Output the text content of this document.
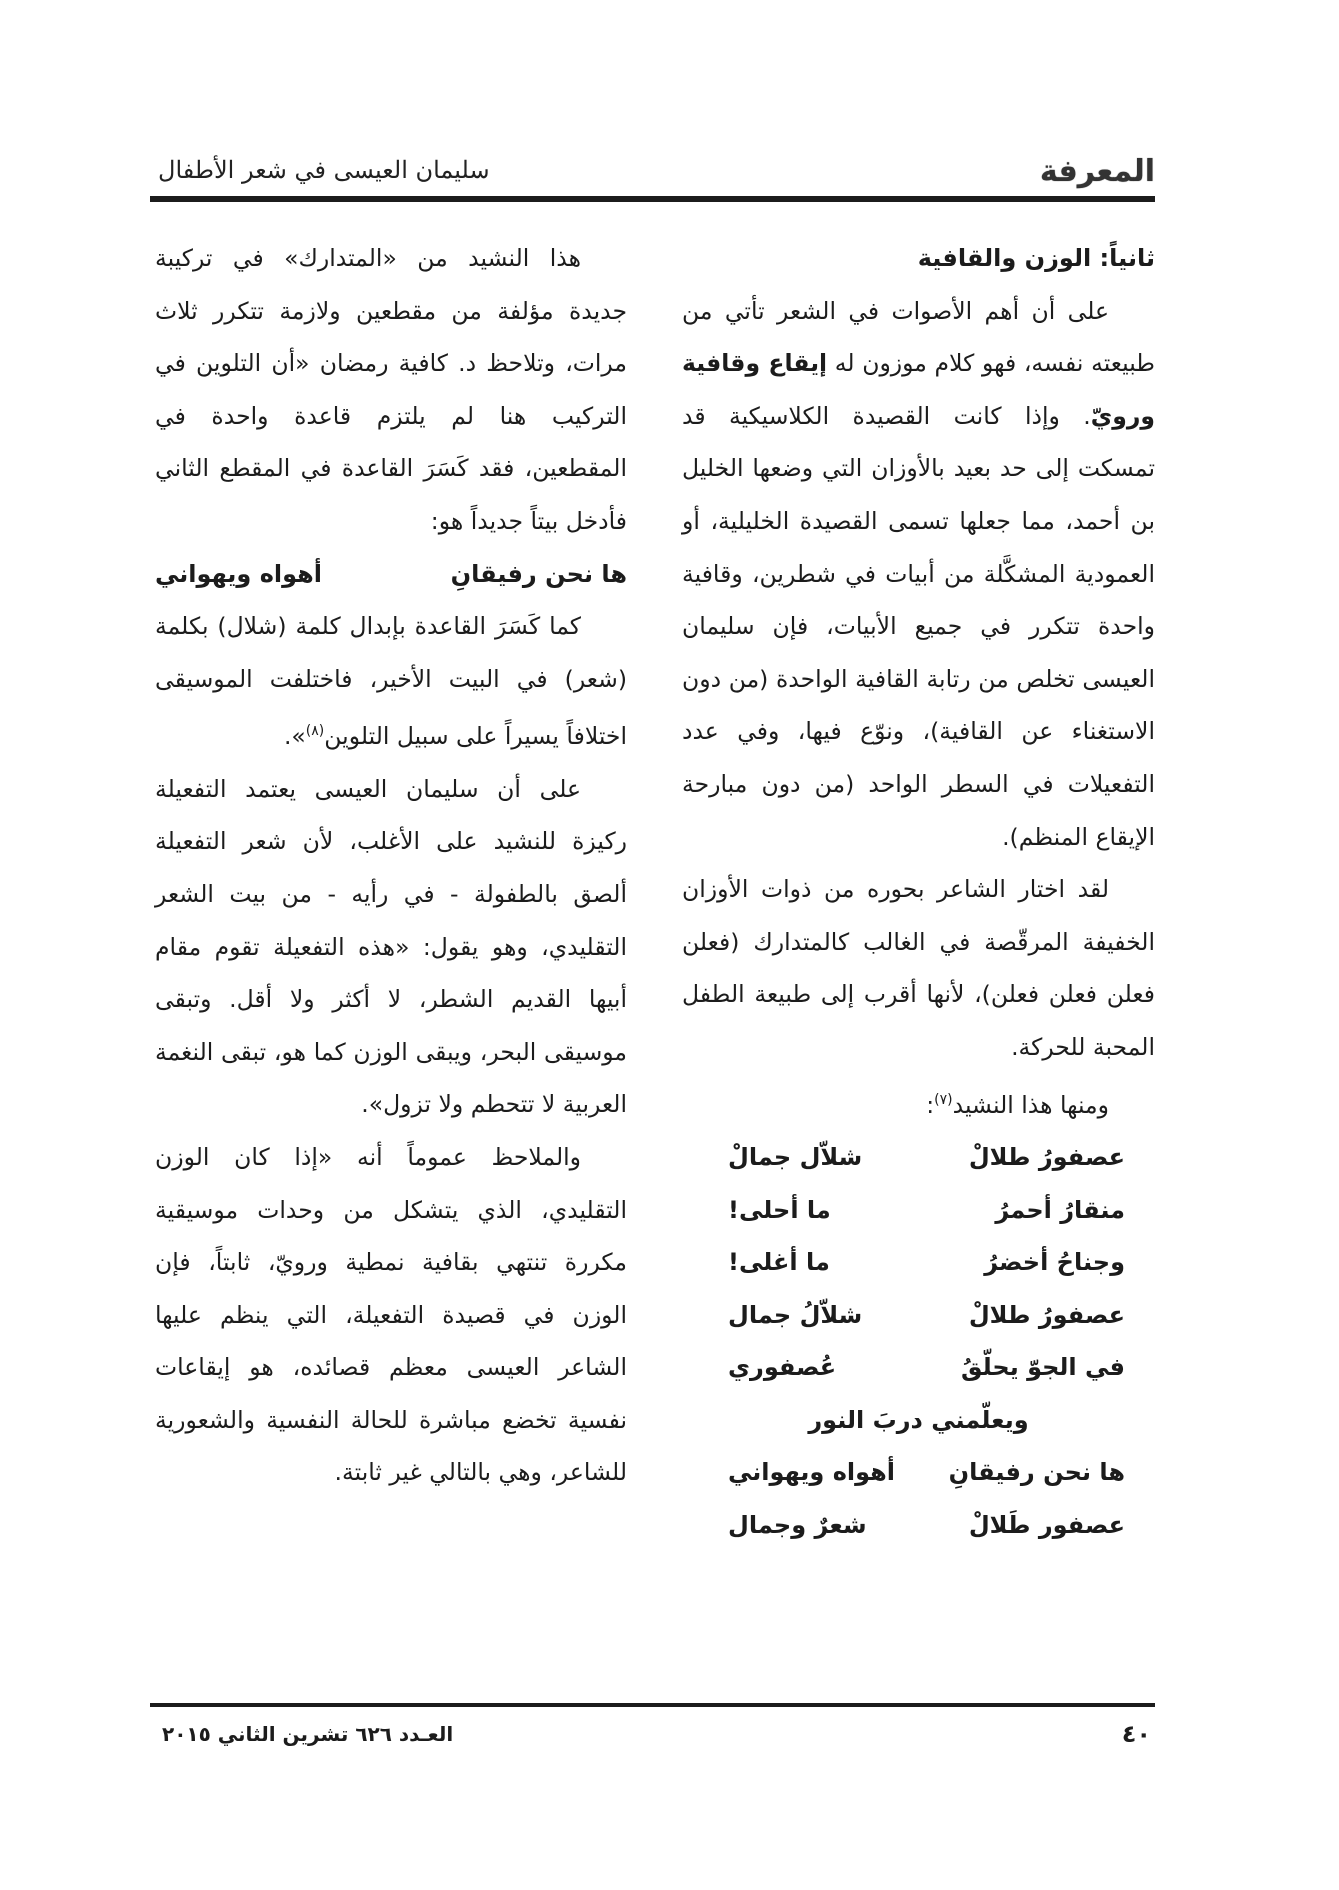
المعرفة
سليمان العيسى في شعر الأطفال

ثانياً: الوزن والقافية

على أن أهم الأصوات في الشعر تأتي من طبيعته نفسه، فهو كلام موزون له إيقاع وقافية ورويّ. وإذا كانت القصيدة الكلاسيكية قد تمسكت إلى حد بعيد بالأوزان التي وضعها الخليل بن أحمد، مما جعلها تسمى القصيدة الخليلية، أو العمودية المشكَّلة من أبيات في شطرين، وقافية واحدة تتكرر في جميع الأبيات، فإن سليمان العيسى تخلص من رتابة القافية الواحدة (من دون الاستغناء عن القافية)، ونوّع فيها، وفي عدد التفعيلات في السطر الواحد (من دون مبارحة الإيقاع المنظم).

لقد اختار الشاعر بحوره من ذوات الأوزان الخفيفة المرقّصة في الغالب كالمتدارك (فعلن فعلن فعلن فعلن)، لأنها أقرب إلى طبيعة الطفل المحبة للحركة.

ومنها هذا النشيد$^{(٧)}$:

عصفورُ طلالْ
شلاّل جمالْ
منقارُ أحمرُ
ما أحلى!
وجناحُ أخضرُ
ما أغلى!
عصفورُ طلالْ
شلاّلُ جمال
في الجوّ يحلّقُ
عُصفوري
ويعلّمني دربَ النور
ها نحن رفيقانِ
أهواه ويهواني
عصفور طَلالْ
شعرٌ وجمال

هذا النشيد من «المتدارك» في تركيبة جديدة مؤلفة من مقطعين ولازمة تتكرر ثلاث مرات، وتلاحظ د. كافية رمضان «أن التلوين في التركيب هنا لم يلتزم قاعدة واحدة في المقطعين، فقد كَسَرَ القاعدة في المقطع الثاني فأدخل بيتاً جديداً هو:

ها نحن رفيقانِ
أهواه ويهواني

كما كَسَرَ القاعدة بإبدال كلمة (شلال) بكلمة (شعر) في البيت الأخير، فاختلفت الموسيقى اختلافاً يسيراً على سبيل التلوين$^{(٨)}$».

على أن سليمان العيسى يعتمد التفعيلة ركيزة للنشيد على الأغلب، لأن شعر التفعيلة ألصق بالطفولة - في رأيه - من بيت الشعر التقليدي، وهو يقول: «هذه التفعيلة تقوم مقام أبيها القديم الشطر، لا أكثر ولا أقل. وتبقى موسيقى البحر، ويبقى الوزن كما هو، تبقى النغمة العربية لا تتحطم ولا تزول».

والملاحظ عموماً أنه «إذا كان الوزن التقليدي، الذي يتشكل من وحدات موسيقية مكررة تنتهي بقافية نمطية ورويّ، ثابتاً، فإن الوزن في قصيدة التفعيلة، التي ينظم عليها الشاعر العيسى معظم قصائده، هو إيقاعات نفسية تخضع مباشرة للحالة النفسية والشعورية للشاعر، وهي بالتالي غير ثابتة.

٤٠
العـدد ٦٢٦ تشرين الثاني ٢٠١٥
